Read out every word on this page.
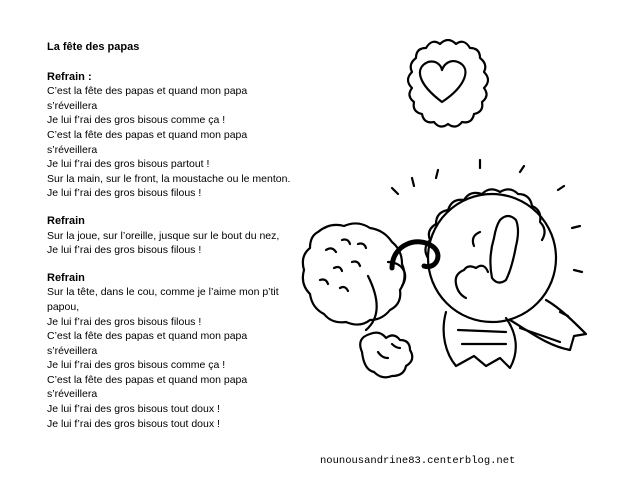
La fête des papas
Refrain :
C’est la fête des papas et quand mon papa
s’réveillera
Je lui f’rai des gros bisous comme ça !
C’est la fête des papas et quand mon papa
s’réveillera
Je lui f’rai des gros bisous partout !
Sur la main, sur le front, la moustache ou le menton.
Je lui f’rai des gros bisous filous !
Refrain
Sur la joue, sur l’oreille, jusque sur le bout du nez,
Je lui f’rai des gros bisous filous !
Refrain
Sur la tête, dans le cou, comme je l’aime mon p’tit
papou,
Je lui f’rai des gros bisous filous !
C’est la fête des papas et quand mon papa
s’réveillera
Je lui f’rai des gros bisous comme ça !
C’est la fête des papas et quand mon papa
s’réveillera
Je lui f’rai des gros bisous tout doux !
Je lui f’rai des gros bisous tout doux !
nounousandrine83.centerblog.net
